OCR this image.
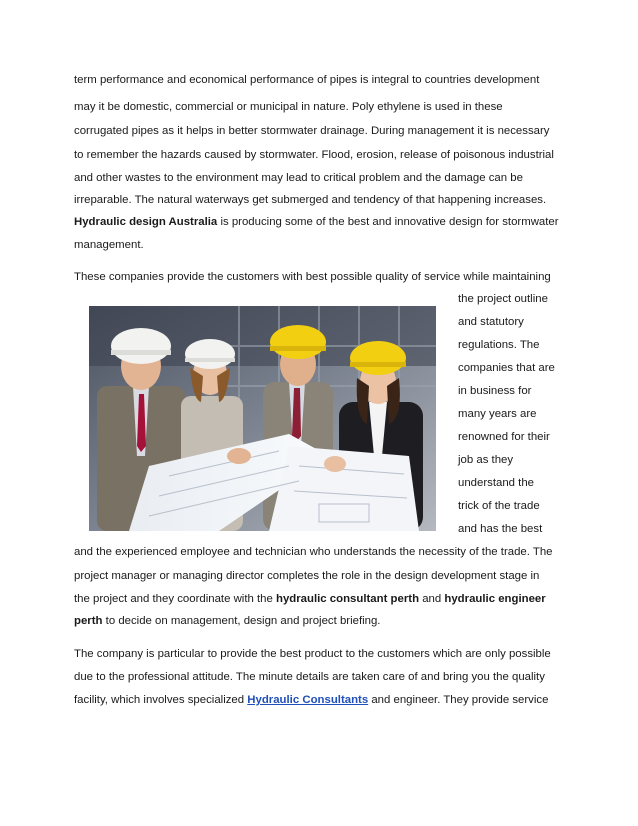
term performance and economical performance of pipes is integral to countries development
may it be domestic, commercial or municipal in nature. Poly ethylene is used in these
corrugated pipes as it helps in better stormwater drainage. During management it is necessary
to remember the hazards caused by stormwater. Flood, erosion, release of poisonous industrial
and other wastes to the environment may lead to critical problem and the damage can be
irreparable. The natural waterways get submerged and tendency of that happening increases.
Hydraulic design Australia is producing some of the best and innovative design for stormwater
management.
These companies provide the customers with best possible quality of service while maintaining
the project outline
and statutory
regulations. The
companies that are
in business for
many years are
renowned for their
job as they
understand the
trick of the trade
and has the best
and the experienced employee and technician who understands the necessity of the trade. The
project manager or managing director completes the role in the design development stage in
the project and they coordinate with the hydraulic consultant perth and hydraulic engineer
perth to decide on management, design and project briefing.
The company is particular to provide the best product to the customers which are only possible
due to the professional attitude. The minute details are taken care of and bring you the quality
facility, which involves specialized Hydraulic Consultants and engineer. They provide service
